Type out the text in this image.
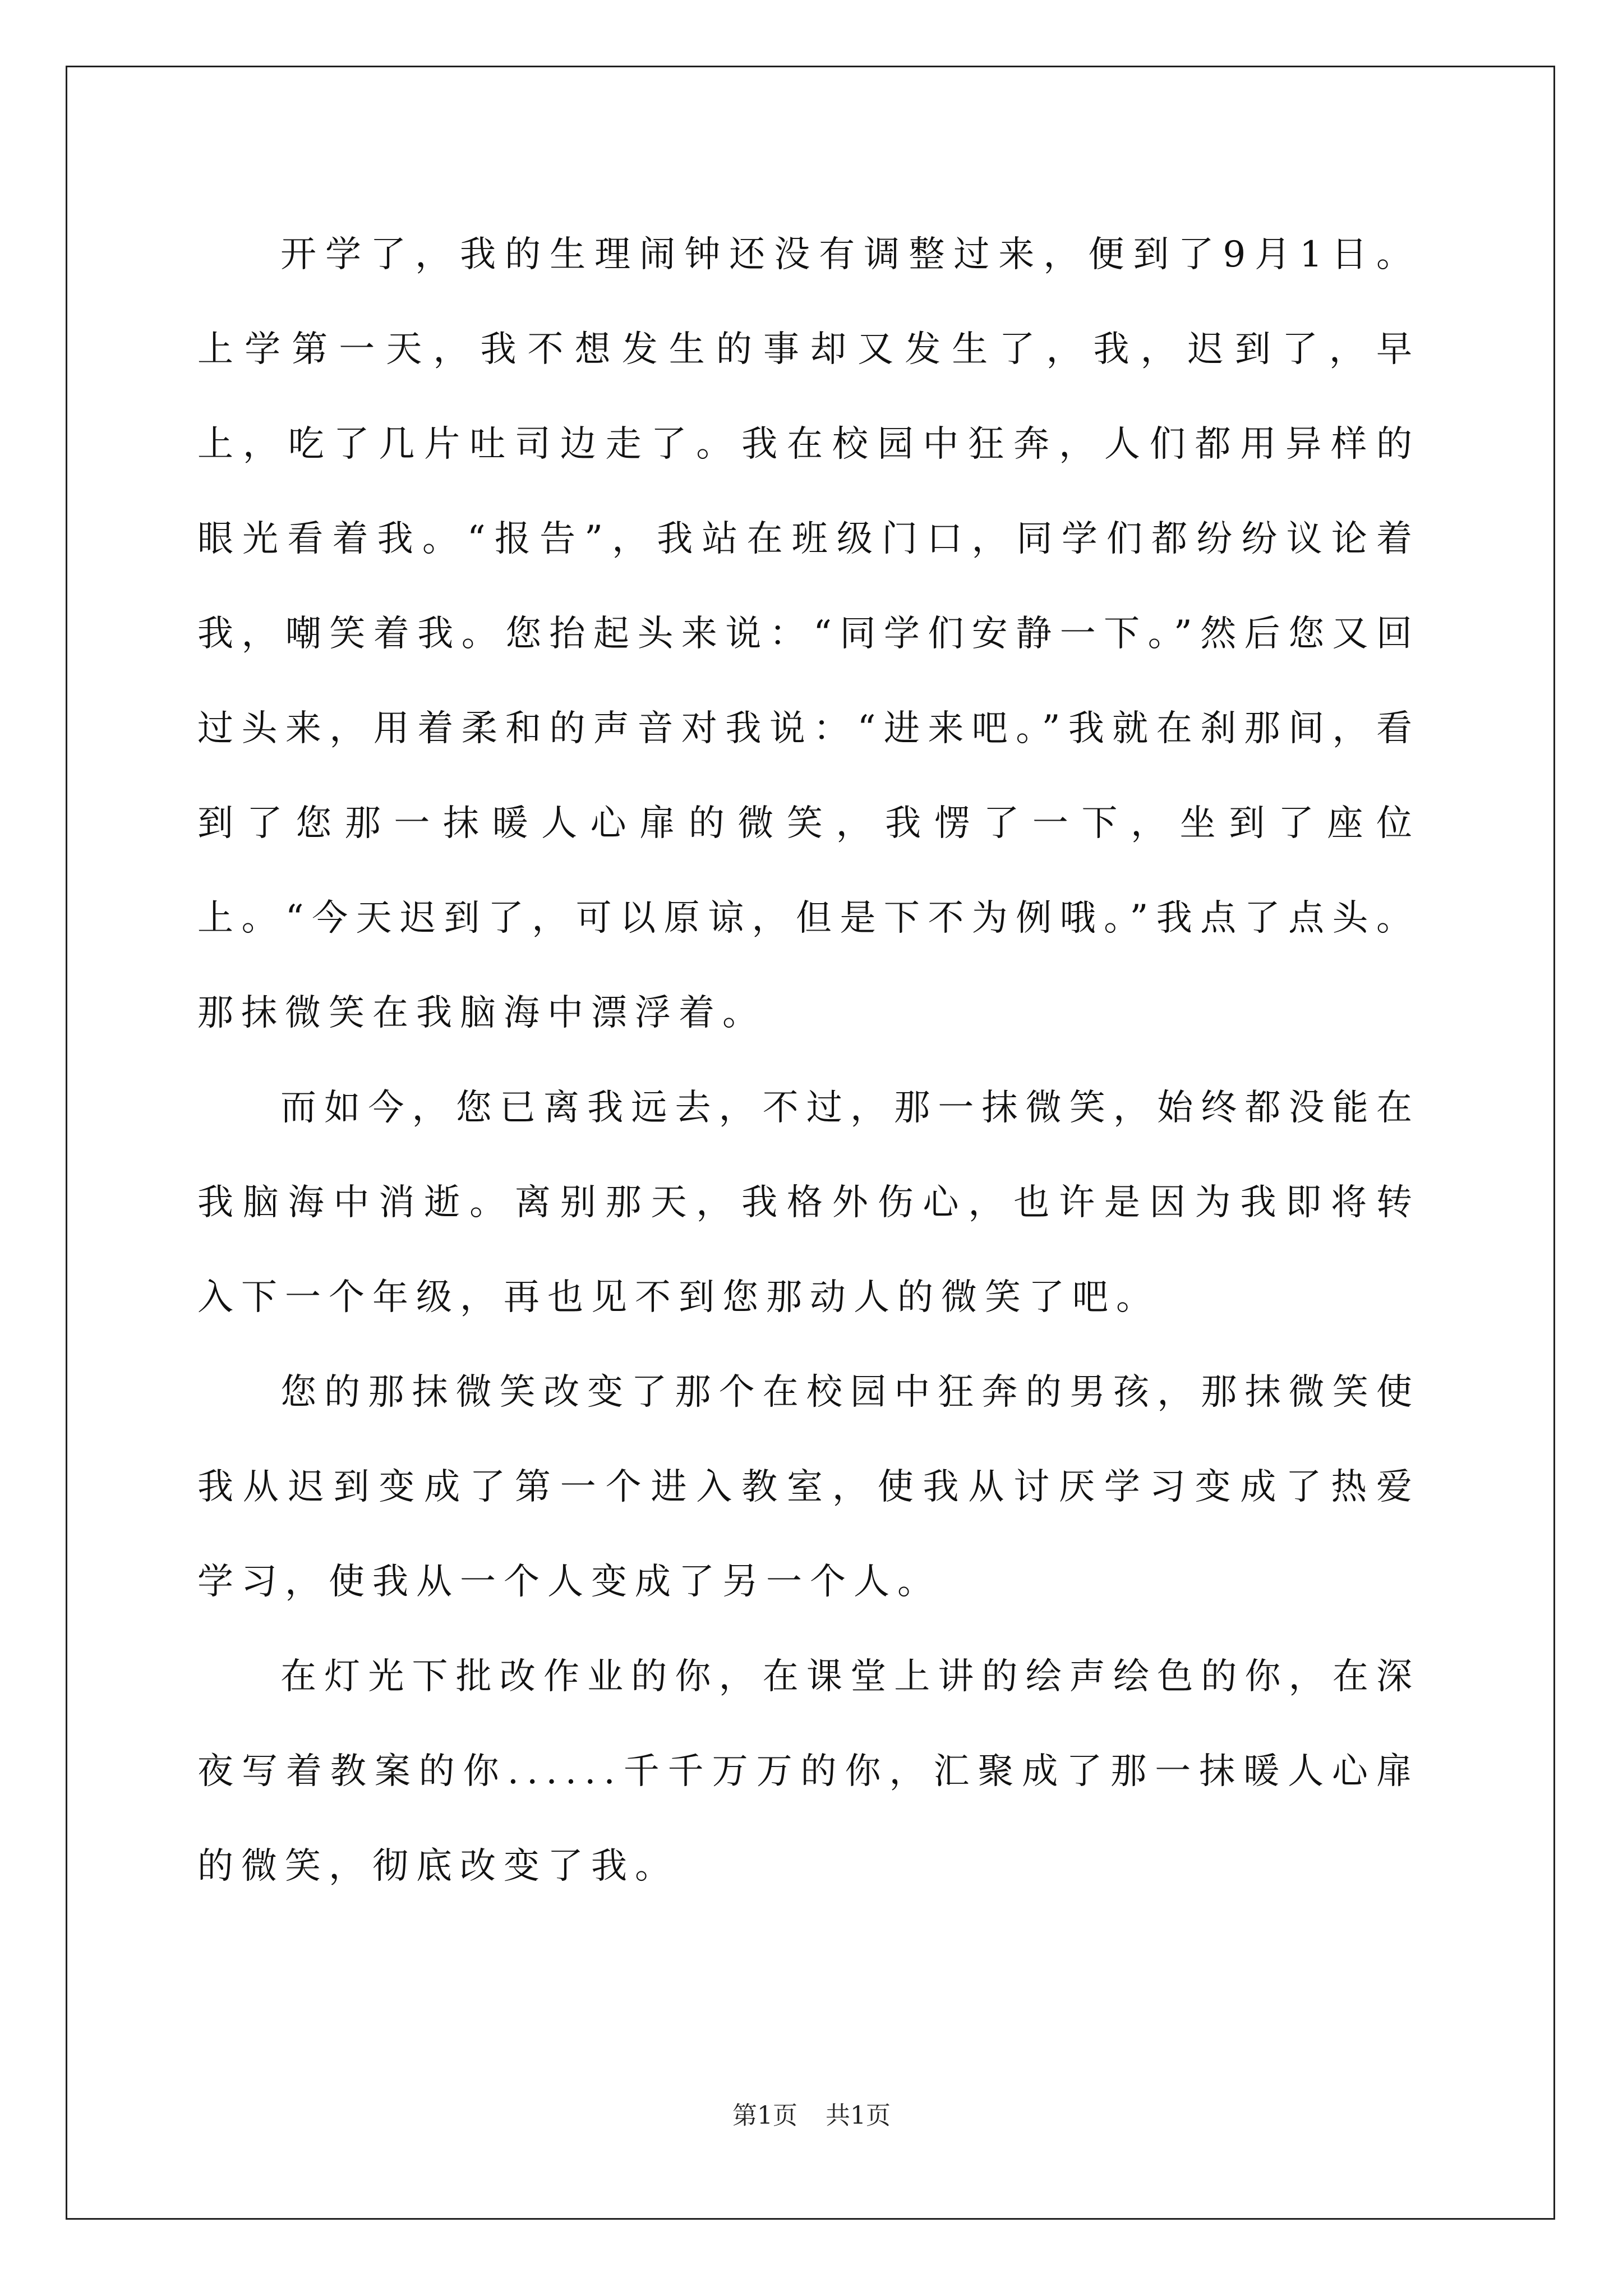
开学了，我的生理闹钟还没有调整过来，便到了9月1日。上学第一天，我不想发生的事却又发生了，我，迟到了，早上，吃了几片吐司边走了。我在校园中狂奔，人们都用异样的眼光看着我。“报告”，我站在班级门口，同学们都纷纷议论着我，嘲笑着我。您抬起头来说：“同学们安静一下。”然后您又回过头来，用着柔和的声音对我说：“进来吧。”我就在刹那间，看到了您那一抹暖人心扉的微笑，我愣了一下，坐到了座位上。“今天迟到了，可以原谅，但是下不为例哦。”我点了点头。那抹微笑在我脑海中漂浮着。

而如今，您已离我远去，不过，那一抹微笑，始终都没能在我脑海中消逝。离别那天，我格外伤心，也许是因为我即将转入下一个年级，再也见不到您那动人的微笑了吧。

您的那抹微笑改变了那个在校园中狂奔的男孩，那抹微笑使我从迟到变成了第一个进入教室，使我从讨厌学习变成了热爱学习，使我从一个人变成了另一个人。

在灯光下批改作业的你，在课堂上讲的绘声绘色的你，在深夜写着教案的你......千千万万的你，汇聚成了那一抹暖人心扉的微笑，彻底改变了我。

第1页 共1页
